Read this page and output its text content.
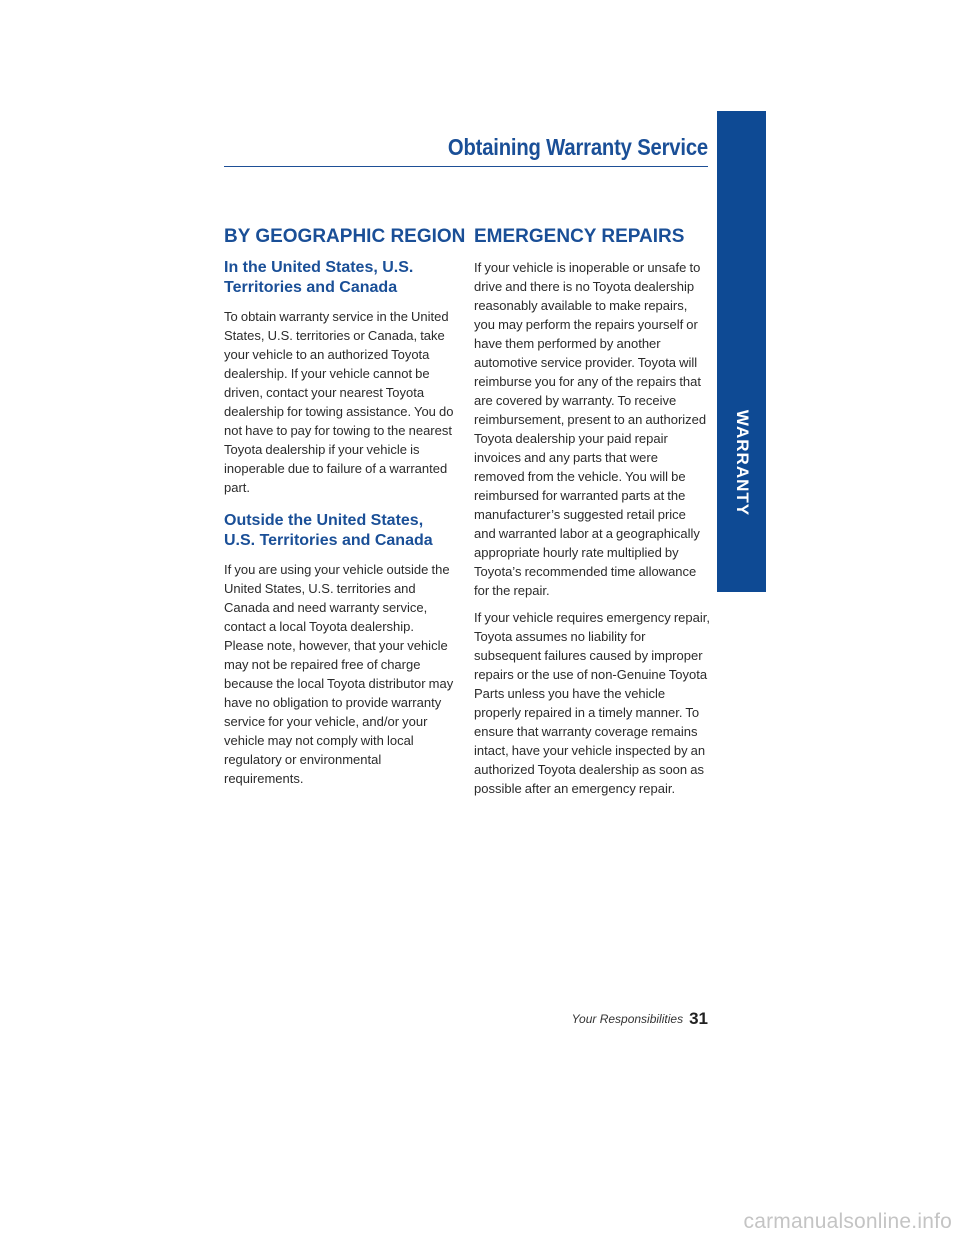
Obtaining Warranty Service
WARRANTY
BY GEOGRAPHIC REGION
In the United States, U.S. Territories and Canada

To obtain warranty service in the United States, U.S. territories or Canada, take your vehicle to an authorized Toyota dealership. If your vehicle cannot be driven, contact your nearest Toyota dealership for towing assistance. You do not have to pay for towing to the nearest Toyota dealership if your vehicle is inoperable due to failure of a warranted part.

Outside the United States, U.S. Territories and Canada

If you are using your vehicle outside the United States, U.S. territories and Canada and need warranty service, contact a local Toyota dealership. Please note, however, that your vehicle may not be repaired free of charge because the local Toyota distributor may have no obligation to provide warranty service for your vehicle, and/or your vehicle may not comply with local regulatory or environmental requirements.

EMERGENCY REPAIRS

If your vehicle is inoperable or unsafe to drive and there is no Toyota dealership reasonably available to make repairs, you may perform the repairs yourself or have them performed by another automotive service provider. Toyota will reimburse you for any of the repairs that are covered by warranty. To receive reimbursement, present to an authorized Toyota dealership your paid repair invoices and any parts that were removed from the vehicle. You will be reimbursed for warranted parts at the manufacturer’s suggested retail price and warranted labor at a geographically appropriate hourly rate multiplied by Toyota’s recommended time allowance for the repair.

If your vehicle requires emergency repair, Toyota assumes no liability for subsequent failures caused by improper repairs or the use of non-Genuine Toyota Parts unless you have the vehicle properly repaired in a timely manner. To ensure that warranty coverage remains intact, have your vehicle inspected by an authorized Toyota dealership as soon as possible after an emergency repair.

Your Responsibilities 31
carmanualsonline.info
